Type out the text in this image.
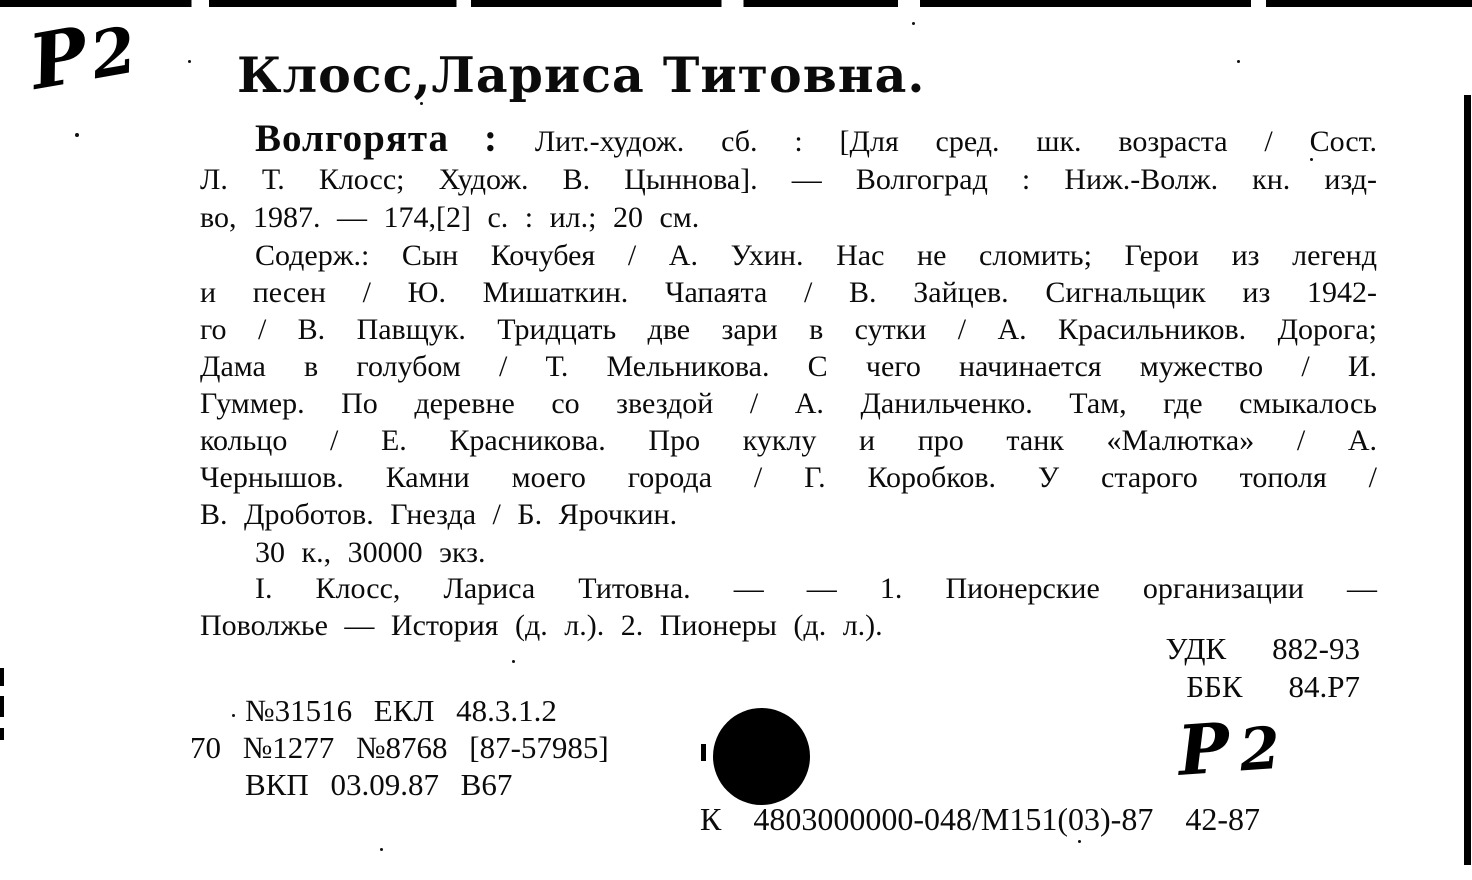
Р2
Р2
Клосс,Лариса Титовна.
Волгорята : Лит.-худож. сб. : [Для сред. шк. возраста / Сост.
Л. Т. Клосс; Худож. В. Цыннова]. — Волгоград : Ниж.-Волж. кн. изд-
во, 1987. — 174,[2] с. : ил.; 20 см.
Содерж.: Сын Кочубея / А. Ухин. Нас не сломить; Герои из легенд
и песен / Ю. Мишаткин. Чапаята / В. Зайцев. Сигнальщик из 1942-
го / В. Павщук. Тридцать две зари в сутки / А. Красильников. Дорога;
Дама в голубом / Т. Мельникова. С чего начинается мужество / И.
Гуммер. По деревне со звездой / А. Данильченко. Там, где смыкалось
кольцо / Е. Красникова. Про куклу и про танк «Малютка» / А.
Чернышов. Камни моего города / Г. Коробков. У старого тополя /
В. Дроботов. Гнезда / Б. Ярочкин.
30 к., 30000 экз.
I. Клосс, Лариса Титовна. — — 1. Пионерские организации —
Поволжье — История (д. л.). 2. Пионеры (д. л.).
УДК 882-93
ББК 84.Р7
№31516 ЕКЛ 48.3.1.2
70 №1277 №8768 [87-57985]
ВКП 03.09.87 В67
К  4803000000-048/М151(03)-87  42-87
